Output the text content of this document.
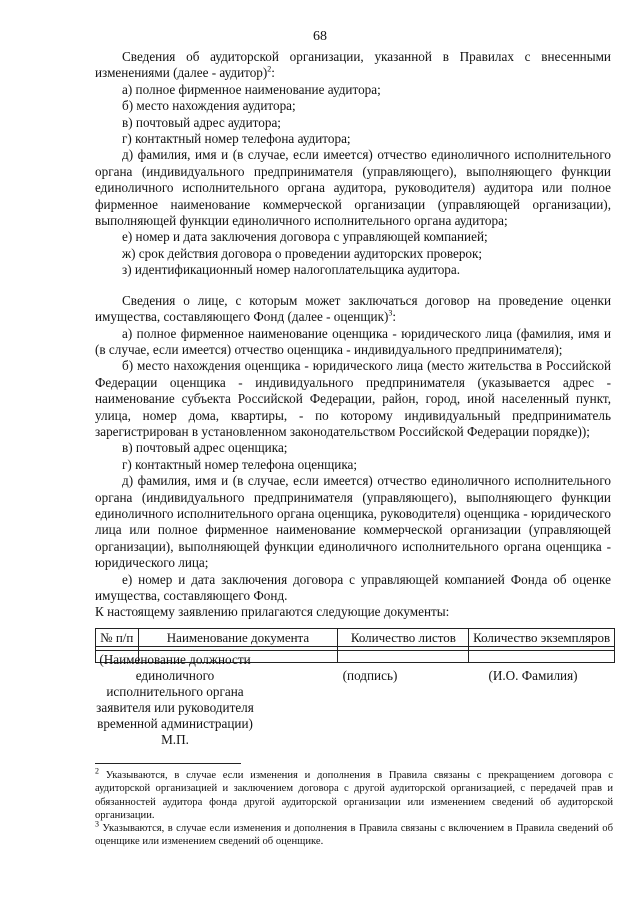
68

Сведения об аудиторской организации, указанной в Правилах с внесенными изменениями (далее - аудитор)$^2$:

а) полное фирменное наименование аудитора;

б) место нахождения аудитора;

в) почтовый адрес аудитора;

г) контактный номер телефона аудитора;

д) фамилия, имя и (в случае, если имеется) отчество единоличного исполнительного органа (индивидуального предпринимателя (управляющего), выполняющего функции единоличного исполнительного органа аудитора, руководителя) аудитора или полное фирменное наименование коммерческой организации (управляющей организации), выполняющей функции единоличного исполнительного органа аудитора;

е) номер и дата заключения договора с управляющей компанией;

ж) срок действия договора о проведении аудиторских проверок;

з) идентификационный номер налогоплательщика аудитора.

Сведения о лице, с которым может заключаться договор на проведение оценки имущества, составляющего Фонд (далее - оценщик)$^3$:

а) полное фирменное наименование оценщика - юридического лица (фамилия, имя и (в случае, если имеется) отчество оценщика - индивидуального предпринимателя);

б) место нахождения оценщика - юридического лица (место жительства в Российской Федерации оценщика - индивидуального предпринимателя (указывается адрес - наименование субъекта Российской Федерации, район, город, иной населенный пункт, улица, номер дома, квартиры, - по которому индивидуальный предприниматель зарегистрирован в установленном законодательством Российской Федерации порядке));

в) почтовый адрес оценщика;

г) контактный номер телефона оценщика;

д) фамилия, имя и (в случае, если имеется) отчество единоличного исполнительного органа (индивидуального предпринимателя (управляющего), выполняющего функции единоличного исполнительного органа оценщика, руководителя) оценщика - юридического лица или полное фирменное наименование коммерческой организации (управляющей организации), выполняющей функции единоличного исполнительного органа оценщика - юридического лица;

е) номер и дата заключения договора с управляющей компанией Фонда об оценке имущества, составляющего Фонд.

К настоящему заявлению прилагаются следующие документы:

№ п/п	Наименование документа	Количество листов	Количество экземпляров

(Наименование должности единоличного исполнительного органа заявителя или руководителя временной администрации)
М.П.
(подпись)	(И.О. Фамилия)

$^2$ Указываются, в случае если изменения и дополнения в Правила связаны с прекращением договора с аудиторской организацией и заключением договора с другой аудиторской организацией, с передачей прав и обязанностей аудитора фонда другой аудиторской организации или изменением сведений об аудиторской организации.

$^3$ Указываются, в случае если изменения и дополнения в Правила связаны с включением в Правила сведений об оценщике или изменением сведений об оценщике.
